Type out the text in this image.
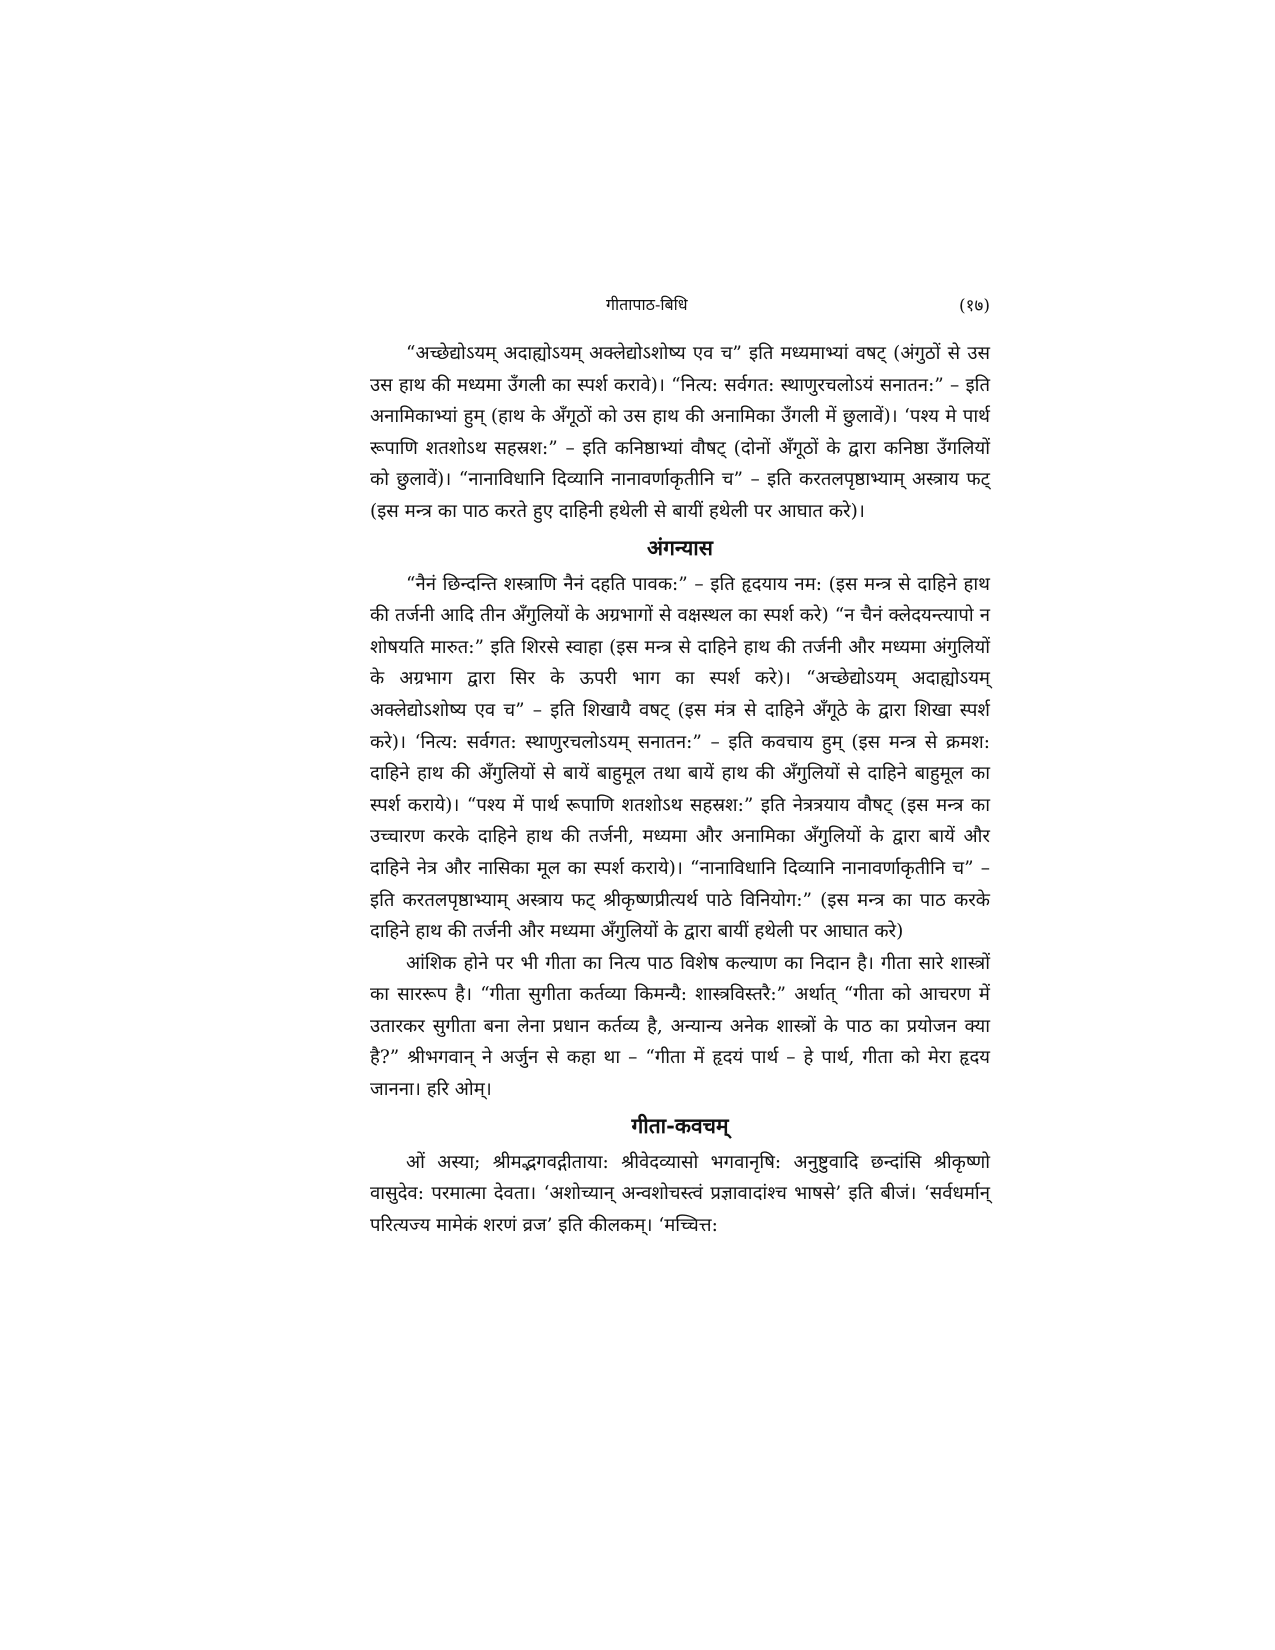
गीतापाठ-बिधि	(१७)

“अच्छेद्योऽयम् अदाह्योऽयम् अक्लेद्योऽशोष्य एव च” इति मध्यमाभ्यां वषट् (अंगुठों से उस उस हाथ की मध्यमा उँगली का स्पर्श करावे)। “नित्य: सर्वगत: स्थाणुरचलोऽयं सनातन:” – इति अनामिकाभ्यां हुम् (हाथ के अँगूठों को उस हाथ की अनामिका उँगली में छुलावें)। ‘पश्य मे पार्थ रूपाणि शतशोऽथ सहस्रश:” – इति कनिष्ठाभ्यां वौषट् (दोनों अँगूठों के द्वारा कनिष्ठा उँगलियों को छुलावें)। “नानाविधानि दिव्यानि नानावर्णाकृतीनि च” – इति करतलपृष्ठाभ्याम् अस्त्राय फट् (इस मन्त्र का पाठ करते हुए दाहिनी हथेली से बायीं हथेली पर आघात करे)।

अंगन्यास

“नैनं छिन्दन्ति शस्त्राणि नैनं दहति पावक:” – इति हृदयाय नम: (इस मन्त्र से दाहिने हाथ की तर्जनी आदि तीन अँगुलियों के अग्रभागों से वक्षस्थल का स्पर्श करे) “न चैनं क्लेदयन्त्यापो न शोषयति मारुत:” इति शिरसे स्वाहा (इस मन्त्र से दाहिने हाथ की तर्जनी और मध्यमा अंगुलियों के अग्रभाग द्वारा सिर के ऊपरी भाग का स्पर्श करे)। “अच्छेद्योऽयम् अदाह्योऽयम् अक्लेद्योऽशोष्य एव च” – इति शिखायै वषट् (इस मंत्र से दाहिने अँगूठे के द्वारा शिखा स्पर्श करे)। ‘नित्य: सर्वगत: स्थाणुरचलोऽयम् सनातन:” – इति कवचाय हुम् (इस मन्त्र से क्रमश: दाहिने हाथ की अँगुलियों से बायें बाहुमूल तथा बायें हाथ की अँगुलियों से दाहिने बाहुमूल का स्पर्श कराये)। “पश्य में पार्थ रूपाणि शतशोऽथ सहस्रश:” इति नेत्रत्रयाय वौषट् (इस मन्त्र का उच्चारण करके दाहिने हाथ की तर्जनी, मध्यमा और अनामिका अँगुलियों के द्वारा बायें और दाहिने नेत्र और नासिका मूल का स्पर्श कराये)। “नानाविधानि दिव्यानि नानावर्णाकृतीनि च” – इति करतलपृष्ठाभ्याम् अस्त्राय फट् श्रीकृष्णप्रीत्यर्थ पाठे विनियोग:” (इस मन्त्र का पाठ करके दाहिने हाथ की तर्जनी और मध्यमा अँगुलियों के द्वारा बायीं हथेली पर आघात करे)

आंशिक होने पर भी गीता का नित्य पाठ विशेष कल्याण का निदान है। गीता सारे शास्त्रों का साररूप है। “गीता सुगीता कर्तव्या किमन्यै: शास्त्रविस्तरै:” अर्थात् “गीता को आचरण में उतारकर सुगीता बना लेना प्रधान कर्तव्य है, अन्यान्य अनेक शास्त्रों के पाठ का प्रयोजन क्या है?” श्रीभगवान् ने अर्जुन से कहा था – “गीता में हृदयं पार्थ – हे पार्थ, गीता को मेरा हृदय जानना। हरि ओम्।

गीता-कवचम्

ओं अस्या; श्रीमद्भगवद्गीताया: श्रीवेदव्यासो भगवानृषि: अनुष्टुवादि छन्दांसि श्रीकृष्णो वासुदेव: परमात्मा देवता। ‘अशोच्यान् अन्वशोचस्त्वं प्रज्ञावादांश्च भाषसे’ इति बीजं। ‘सर्वधर्मान् परित्यज्य मामेकं शरणं व्रज’ इति कीलकम्। ‘मच्चित्त:
